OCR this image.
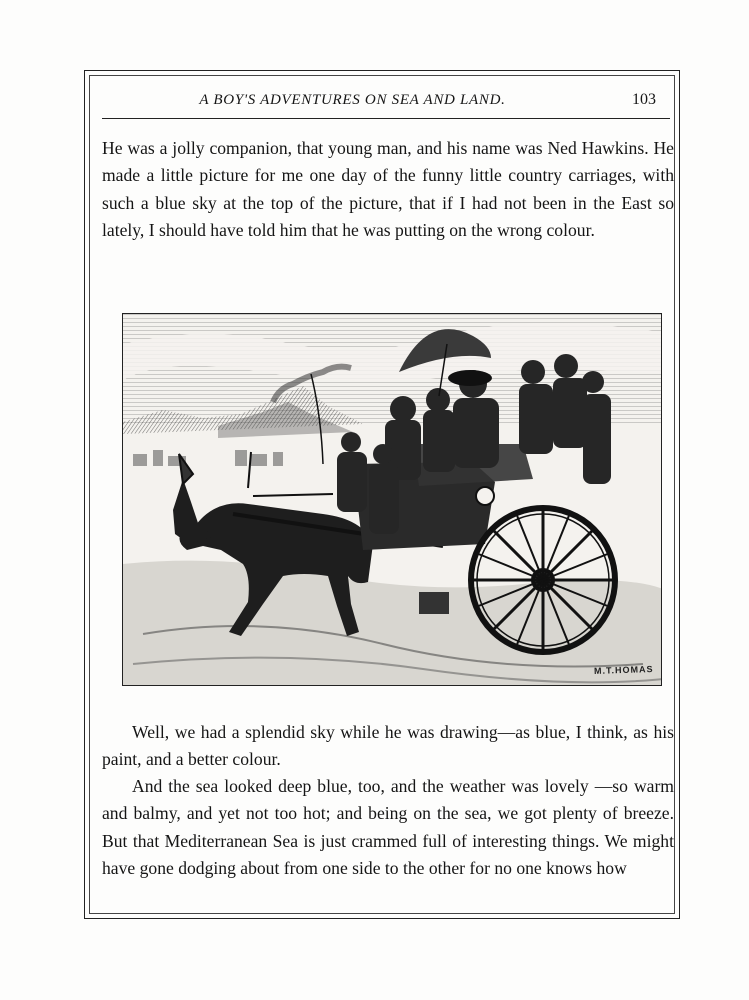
A BOY'S ADVENTURES ON SEA AND LAND.	103

He was a jolly companion, that young man, and his name was Ned Hawkins. He made a little picture for me one day of the funny little country carriages, with such a blue sky at the top of the picture, that if I had not been in the East so lately, I should have told him that he was putting on the wrong colour.

M.T.HOMAS

Well, we had a splendid sky while he was drawing—as blue, I think, as his paint, and a better colour.

And the sea looked deep blue, too, and the weather was lovely —so warm and balmy, and yet not too hot; and being on the sea, we got plenty of breeze. But that Mediterranean Sea is just crammed full of interesting things. We might have gone dodging about from one side to the other for no one knows how
